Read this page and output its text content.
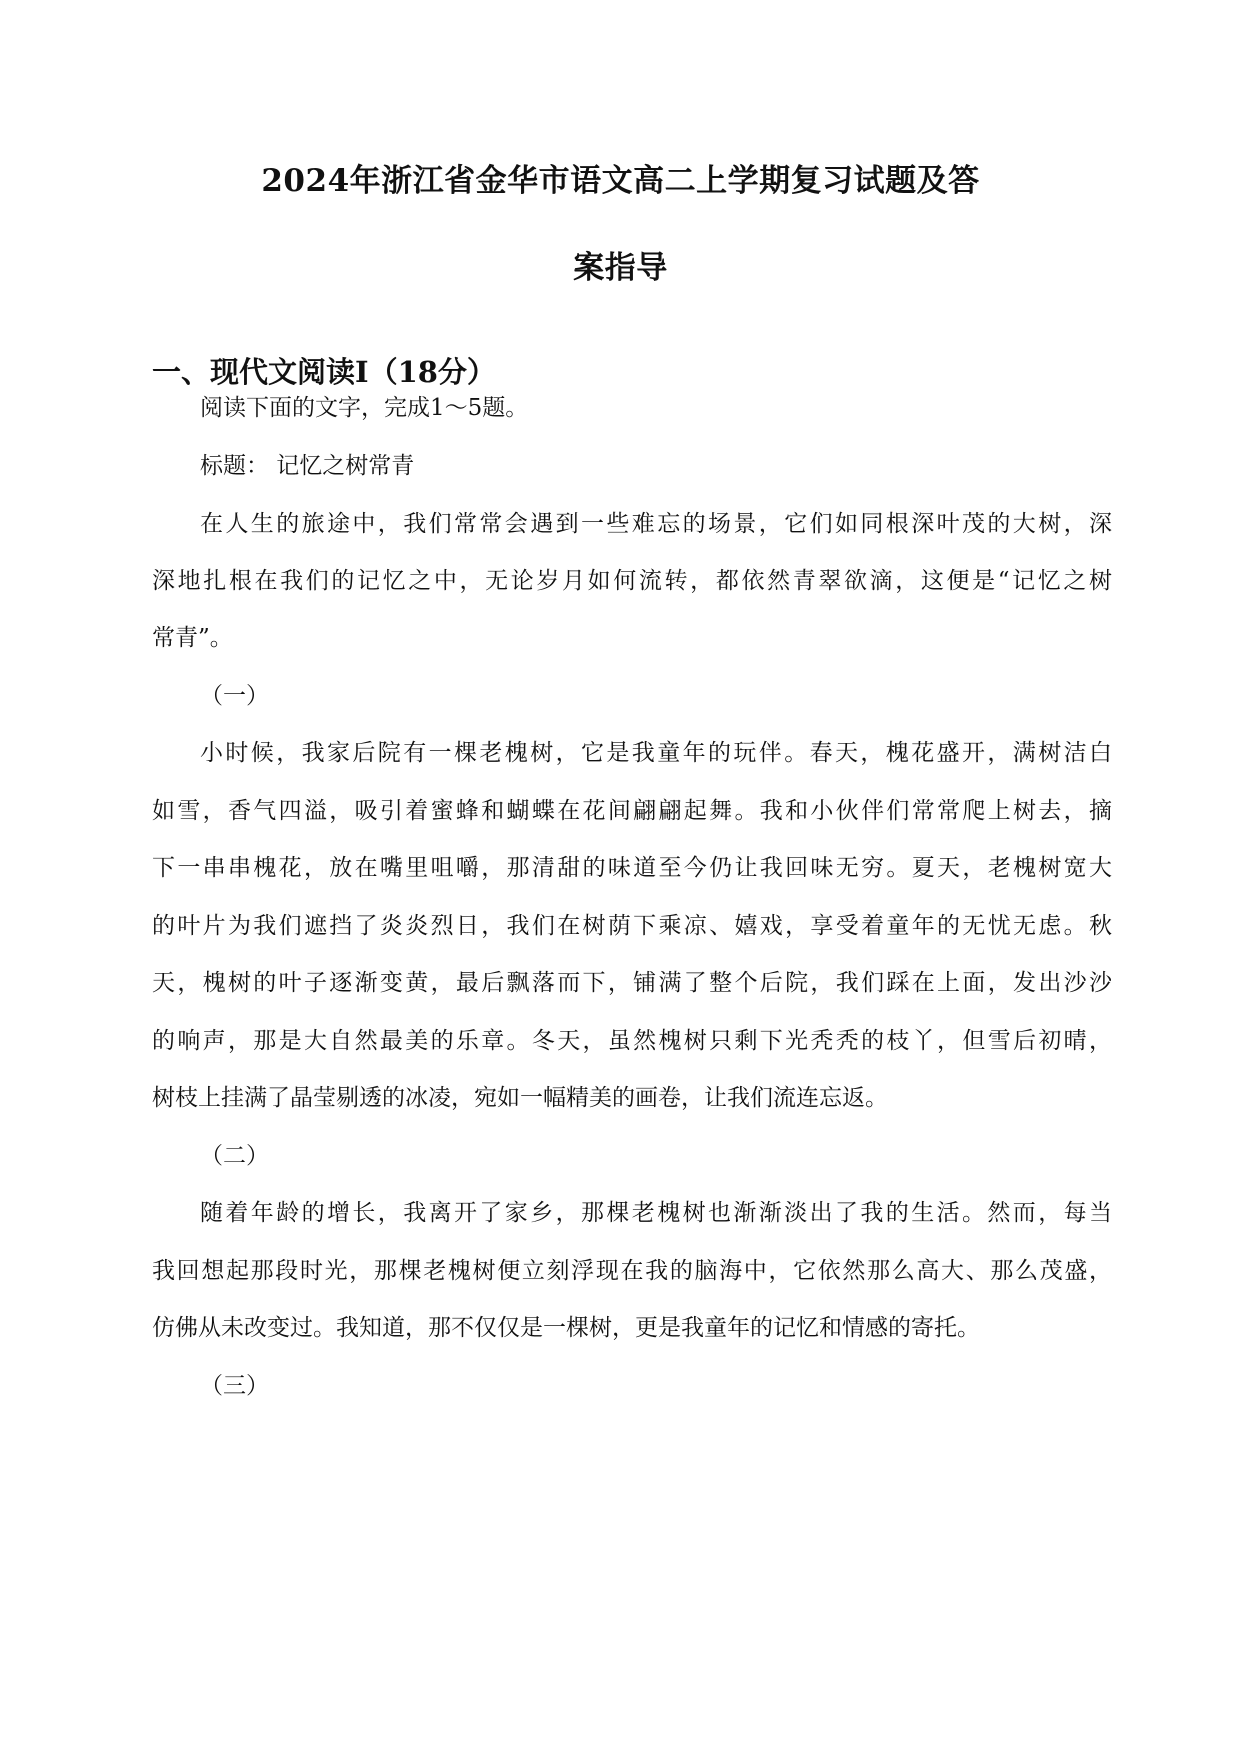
2024年浙江省金华市语文高二上学期复习试题及答
案指导
一、现代文阅读Ⅰ（18分）
阅读下面的文字，完成1～5题。
标题： 记忆之树常青
在人生的旅途中，我们常常会遇到一些难忘的场景，它们如同根深叶茂的大树，深
深地扎根在我们的记忆之中，无论岁月如何流转，都依然青翠欲滴，这便是“记忆之树
常青”。
（一）
小时候，我家后院有一棵老槐树，它是我童年的玩伴。春天，槐花盛开，满树洁白
如雪，香气四溢，吸引着蜜蜂和蝴蝶在花间翩翩起舞。我和小伙伴们常常爬上树去，摘
下一串串槐花，放在嘴里咀嚼，那清甜的味道至今仍让我回味无穷。夏天，老槐树宽大
的叶片为我们遮挡了炎炎烈日，我们在树荫下乘凉、嬉戏，享受着童年的无忧无虑。秋
天，槐树的叶子逐渐变黄，最后飘落而下，铺满了整个后院，我们踩在上面，发出沙沙
的响声，那是大自然最美的乐章。冬天，虽然槐树只剩下光秃秃的枝丫，但雪后初晴，
树枝上挂满了晶莹剔透的冰凌，宛如一幅精美的画卷，让我们流连忘返。
（二）
随着年龄的增长，我离开了家乡，那棵老槐树也渐渐淡出了我的生活。然而，每当
我回想起那段时光，那棵老槐树便立刻浮现在我的脑海中，它依然那么高大、那么茂盛，
仿佛从未改变过。我知道，那不仅仅是一棵树，更是我童年的记忆和情感的寄托。
（三）
